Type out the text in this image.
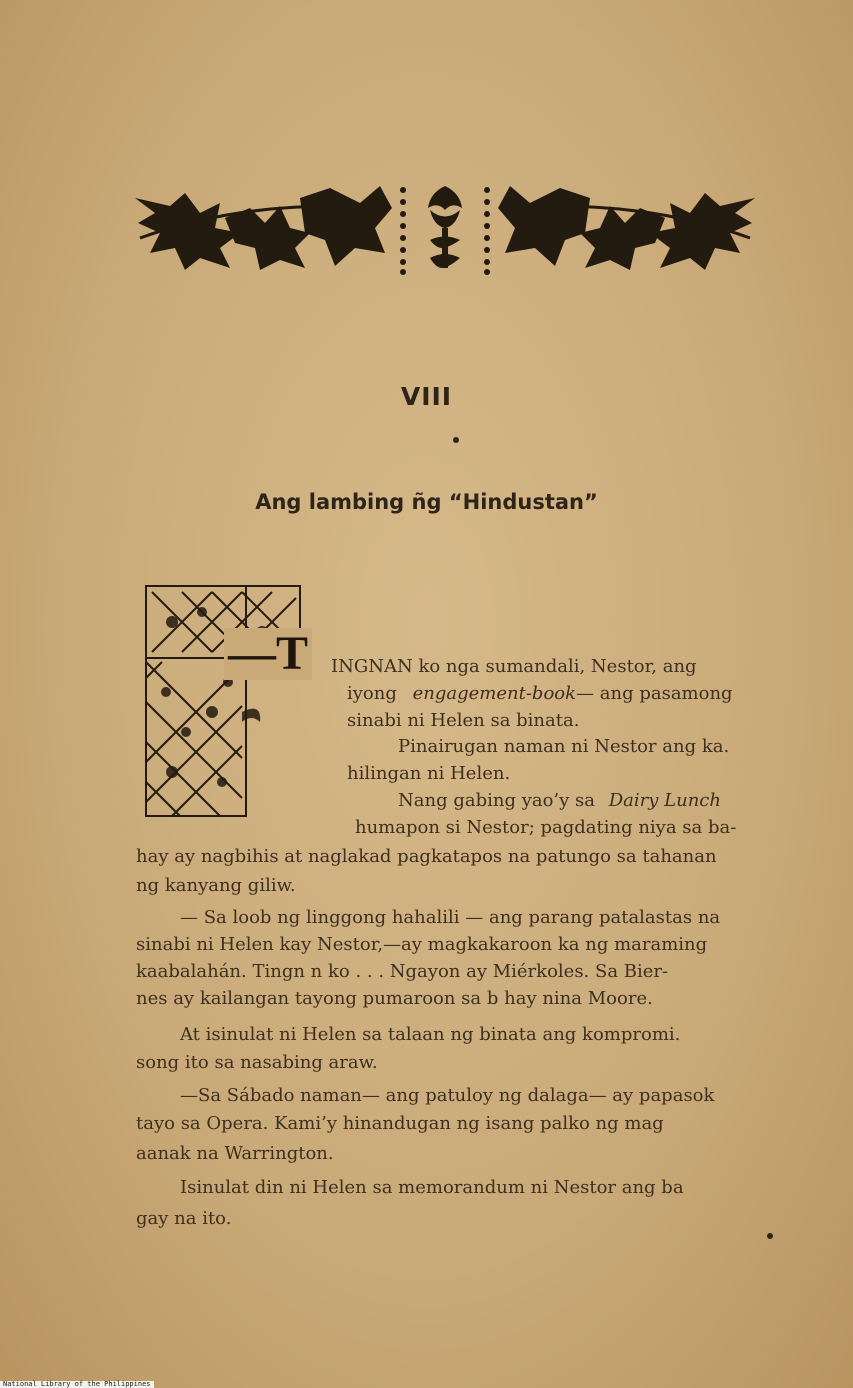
VIII
Ang lambing ñg “Hindustan”
—T INGNAN ko nga sumandali, Nestor, ang
iyong engagement-book— ang pasamong
sinabi ni Helen sa binata.
Pinairugan naman ni Nestor ang ka.
hilingan ni Helen.
Nang gabing yao’y sa Dairy Lunch
humapon si Nestor; pagdating niya sa ba-
hay ay nagbihis at naglakad pagkatapos na patungo sa tahanan
ng kanyang giliw.
— Sa loob ng linggong hahalili — ang parang patalastas na
sinabi ni Helen kay Nestor,—ay magkakaroon ka ng maraming
kaabalahán. Tingn n ko . . . Ngayon ay Miérkoles. Sa Bier-
nes ay kailangan tayong pumaroon sa b hay nina Moore.
At isinulat ni Helen sa talaan ng binata ang kompromi.
song ito sa nasabing araw.
—Sa Sábado naman— ang patuloy ng dalaga— ay papasok
tayo sa Opera. Kami’y hinandugan ng isang palko ng mag
aanak na Warrington.
Isinulat din ni Helen sa memorandum ni Nestor ang ba
gay na ito.
National Library of the Philippines
